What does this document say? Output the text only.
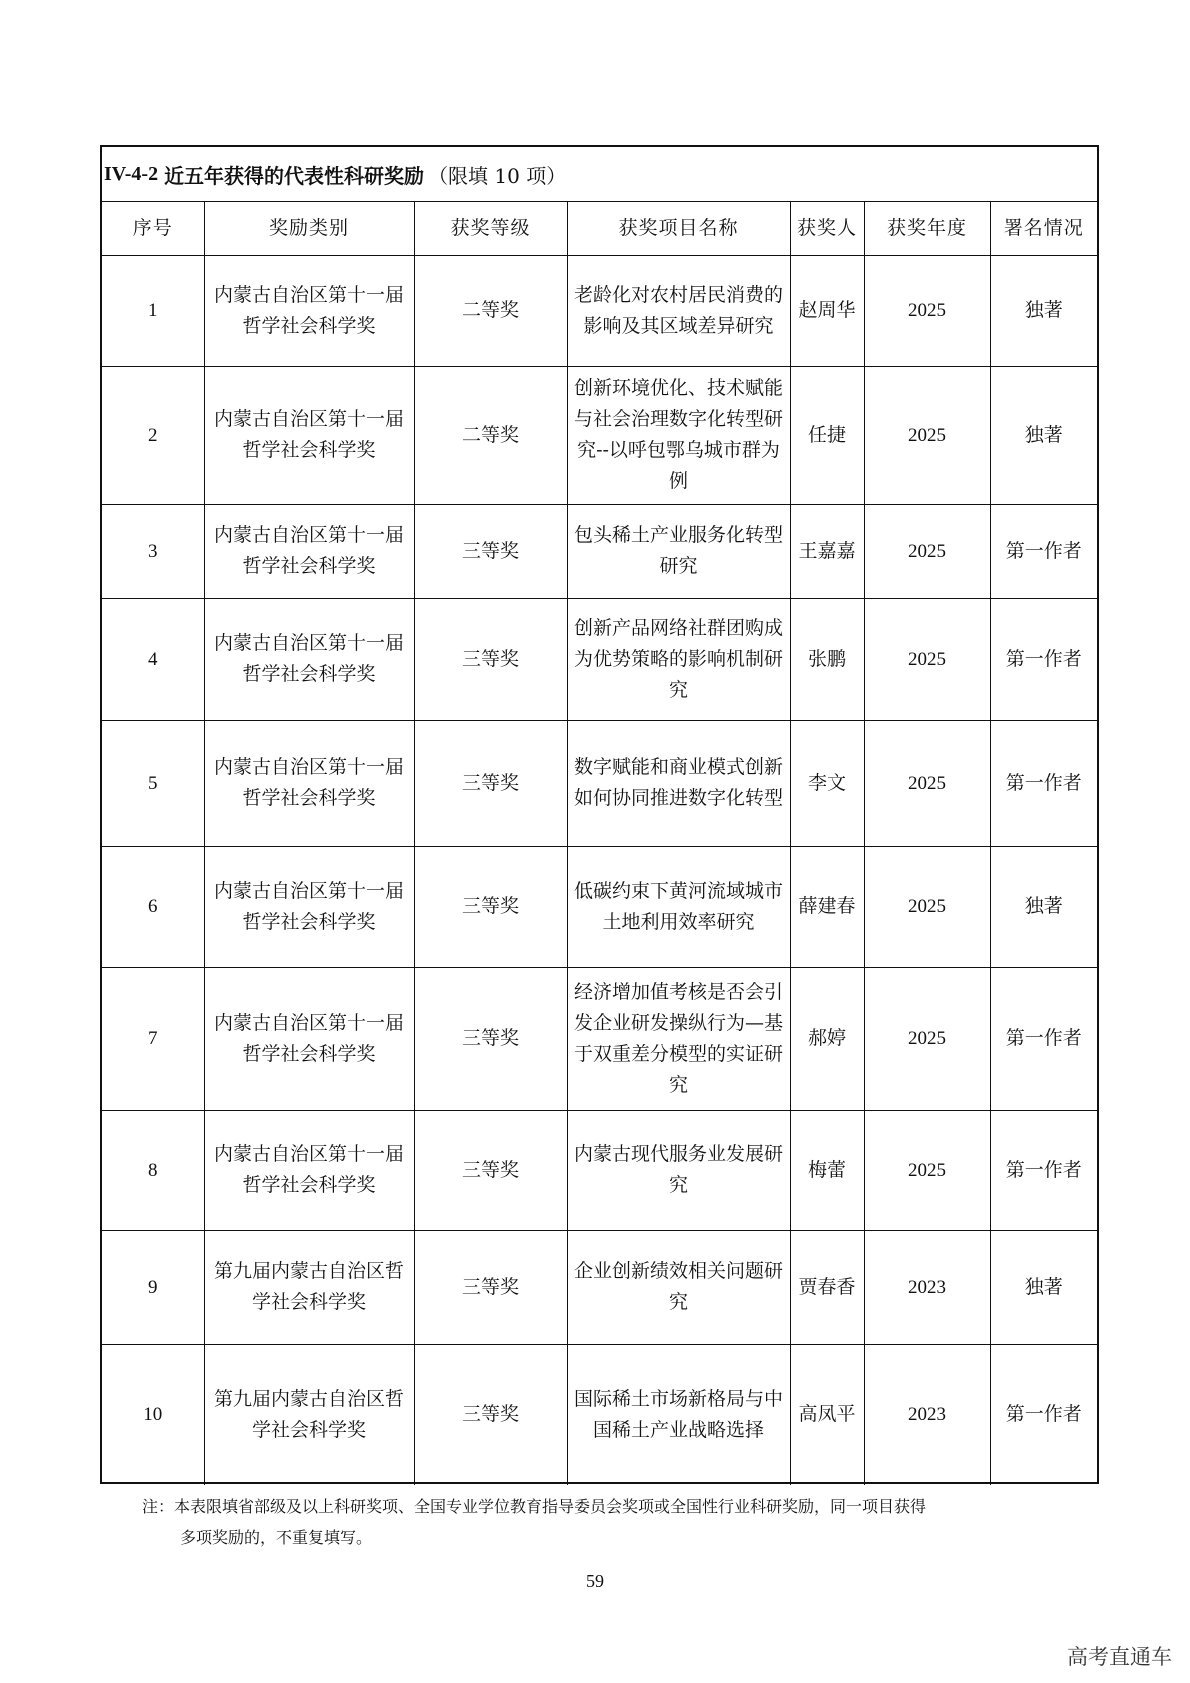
IV-4-2 近五年获得的代表性科研奖励 （限填 10 项）
序号	奖励类别	获奖等级	获奖项目名称	获奖人	获奖年度	署名情况
1	内蒙古自治区第十一届哲学社会科学奖	二等奖	老龄化对农村居民消费的影响及其区域差异研究	赵周华	2025	独著
2	内蒙古自治区第十一届哲学社会科学奖	二等奖	创新环境优化、技术赋能与社会治理数字化转型研究--以呼包鄂乌城市群为例	任捷	2025	独著
3	内蒙古自治区第十一届哲学社会科学奖	三等奖	包头稀土产业服务化转型研究	王嘉嘉	2025	第一作者
4	内蒙古自治区第十一届哲学社会科学奖	三等奖	创新产品网络社群团购成为优势策略的影响机制研究	张鹏	2025	第一作者
5	内蒙古自治区第十一届哲学社会科学奖	三等奖	数字赋能和商业模式创新如何协同推进数字化转型	李文	2025	第一作者
6	内蒙古自治区第十一届哲学社会科学奖	三等奖	低碳约束下黄河流域城市土地利用效率研究	薛建春	2025	独著
7	内蒙古自治区第十一届哲学社会科学奖	三等奖	经济增加值考核是否会引发企业研发操纵行为—基于双重差分模型的实证研究	郝婷	2025	第一作者
8	内蒙古自治区第十一届哲学社会科学奖	三等奖	内蒙古现代服务业发展研究	梅蕾	2025	第一作者
9	第九届内蒙古自治区哲学社会科学奖	三等奖	企业创新绩效相关问题研究	贾春香	2023	独著
10	第九届内蒙古自治区哲学社会科学奖	三等奖	国际稀土市场新格局与中国稀土产业战略选择	高凤平	2023	第一作者
注：本表限填省部级及以上科研奖项、全国专业学位教育指导委员会奖项或全国性行业科研奖励，同一项目获得
多项奖励的，不重复填写。
59
高考直通车
